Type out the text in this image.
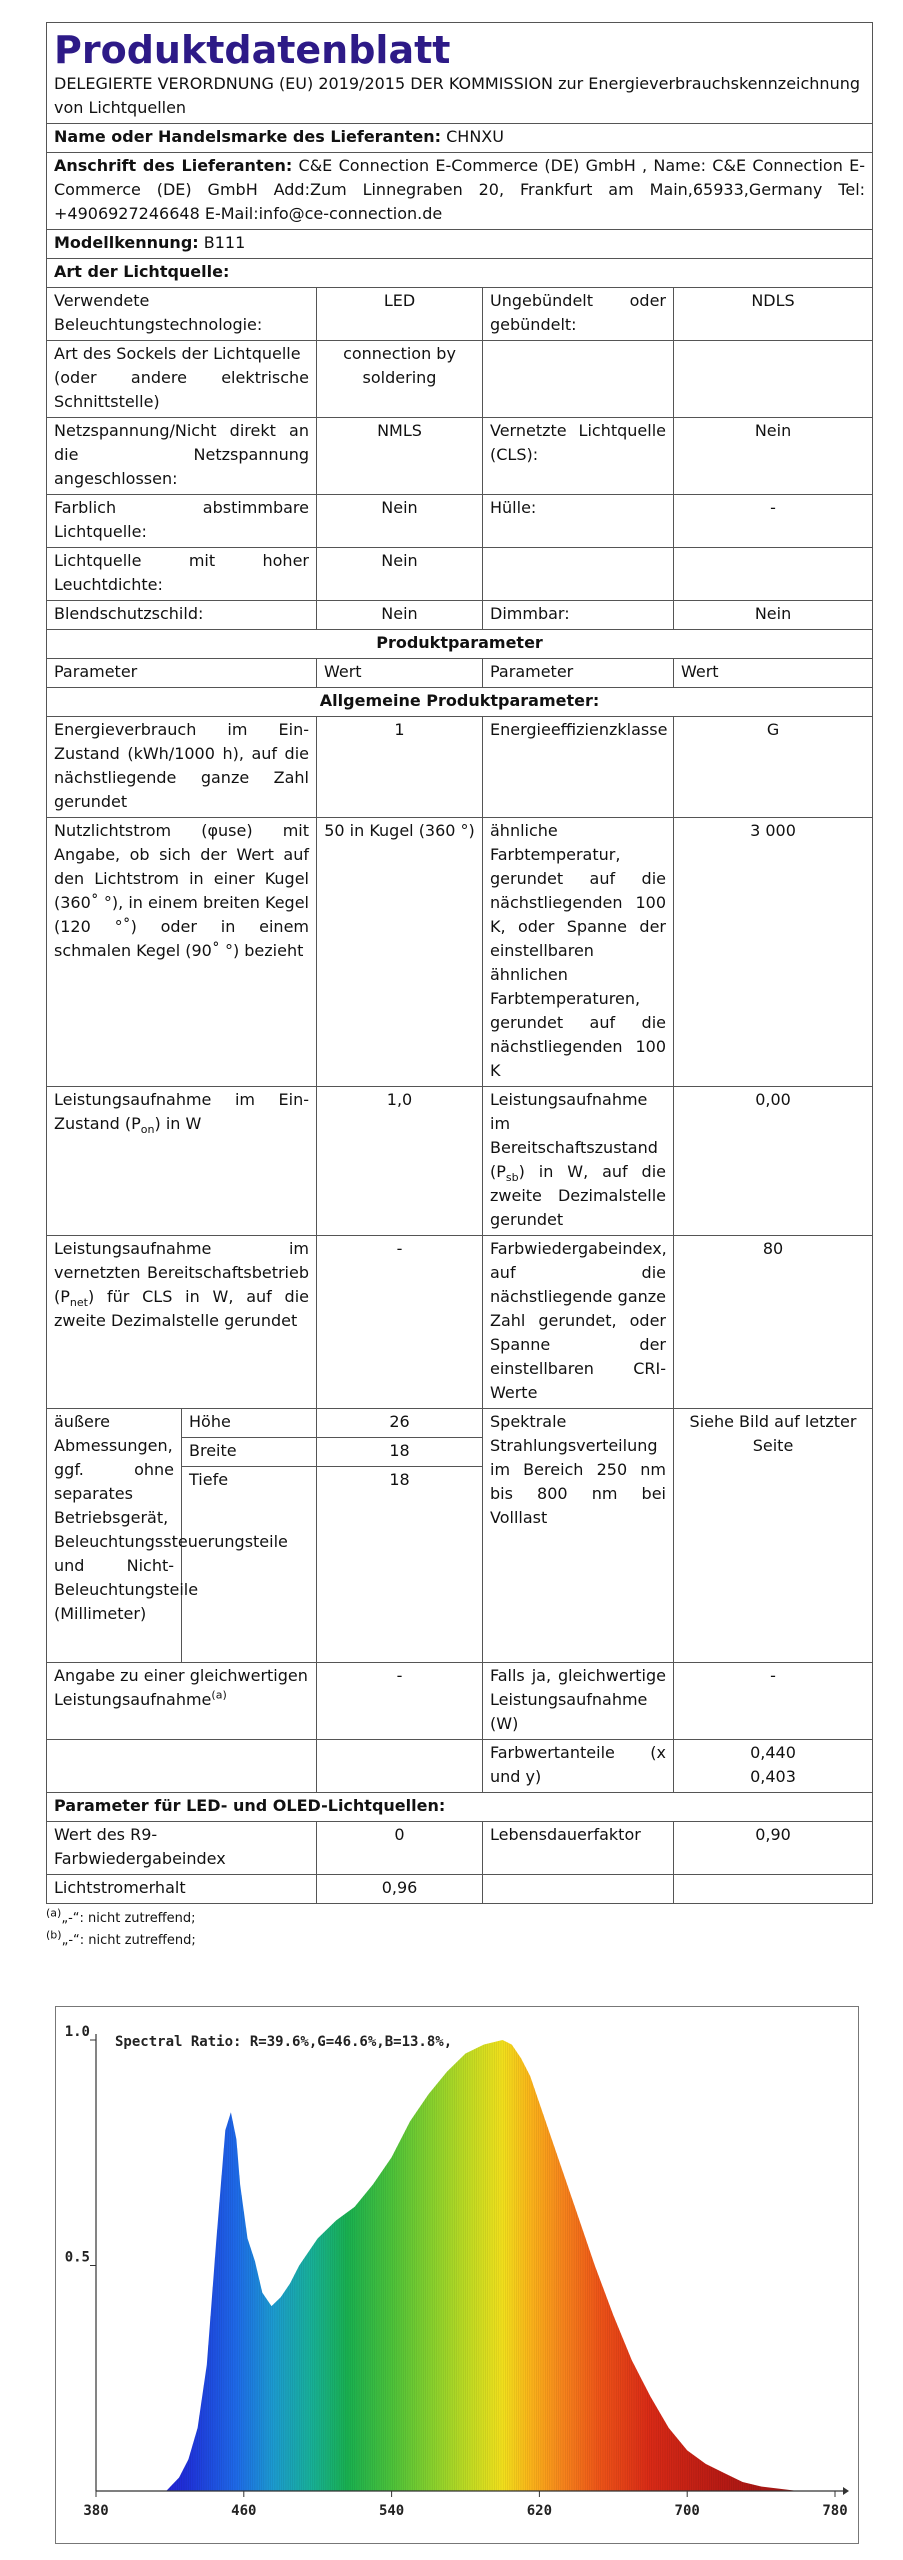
Produktdatenblatt
DELEGIERTE VERORDNUNG (EU) 2019/2015 DER KOMMISSION zur Energieverbrauchskennzeichnung von Lichtquellen				

Name oder Handelsmarke des Lieferanten: CHNXU				
Anschrift des Lieferanten: C&E Connection E-Commerce (DE) GmbH , Name: C&E Connection E-Commerce (DE) GmbH Add:Zum Linnegraben 20, Frankfurt am Main,65933,Germany Tel: +4906927246648 E-Mail:info@ce-connection.de				
Modellkennung: B111				
Art der Lichtquelle:				
Verwendete Beleuchtungstechnologie:		LED	Ungebündelt oder gebündelt:	NDLS

Art des Sockels der Lichtquelle
(oder andere elektrische Schnittstelle)		connection by soldering		
Netzspannung/Nicht direkt an die Netzspannung angeschlossen:		NMLS	Vernetzte Lichtquelle (CLS):	Nein
Farblich abstimmbare Lichtquelle:		Nein	Hülle:	-
Lichtquelle mit hoher Leuchtdichte:		Nein		
Blendschutzschild:		Nein	Dimmbar:	Nein
Produktparameter				
Parameter		Wert	Parameter	Wert
Allgemeine Produktparameter:				
Energieverbrauch im Ein-Zustand (kWh/1000 h), auf die nächstliegende ganze Zahl gerundet		1	Energieeffizienzklasse	G
Nutzlichtstrom (φuse) mit Angabe, ob sich der Wert auf den Lichtstrom in einer Kugel (360˚ °), in einem breiten Kegel (120 °˚) oder in einem schmalen Kegel (90˚ °) bezieht		50 in Kugel (360 °)	ähnliche Farbtemperatur, gerundet auf die nächstliegenden 100 K, oder Spanne der einstellbaren ähnlichen Farbtemperaturen, gerundet auf die nächstliegenden 100 K	3 000
Leistungsaufnahme im Ein-Zustand $(P_{on})$ in W		1,0	Leistungsaufnahme im Bereitschaftszustand $(P_{sb})$ in W, auf die zweite Dezimalstelle gerundet	0,00
Leistungsaufnahme im vernetzten Bereitschaftsbetrieb $(P_{net})$ für CLS in W, auf die zweite Dezimalstelle gerundet		-	Farbwiedergabeindex, auf die nächstliegende ganze Zahl gerundet, oder Spanne der einstellbaren CRI-Werte	80
äußere Abmessungen, ggf. ohne separates Betriebsgerät, Beleuchtungssteuerungsteile und Nicht-Beleuchtungsteile (Millimeter)	Höhe	26	Spektrale Strahlungsverteilung im Bereich 250 nm bis 800 nm bei Volllast	Siehe Bild auf letzter Seite
	Breite	18		
	Tiefe	18		
Angabe zu einer gleichwertigen Leistungsaufnahme$^{(a)}$		-	Falls ja, gleichwertige Leistungsaufnahme (W)	-
			Farbwertanteile (x und y)	0,440
0,403

Parameter für LED- und OLED-Lichtquellen:				
Wert des R9-Farbwiedergabeindex		0	Lebensdauerfaktor	0,90
Lichtstromerhalt		0,96		
$^{(a)}$„-“: nicht zutreffend;
$^{(b)}$„-“: nicht zutreffend;
380	460	540	620	700	780
1.0
0.5
Spectral Ratio: R=39.6%,G=46.6%,B=13.8%,
